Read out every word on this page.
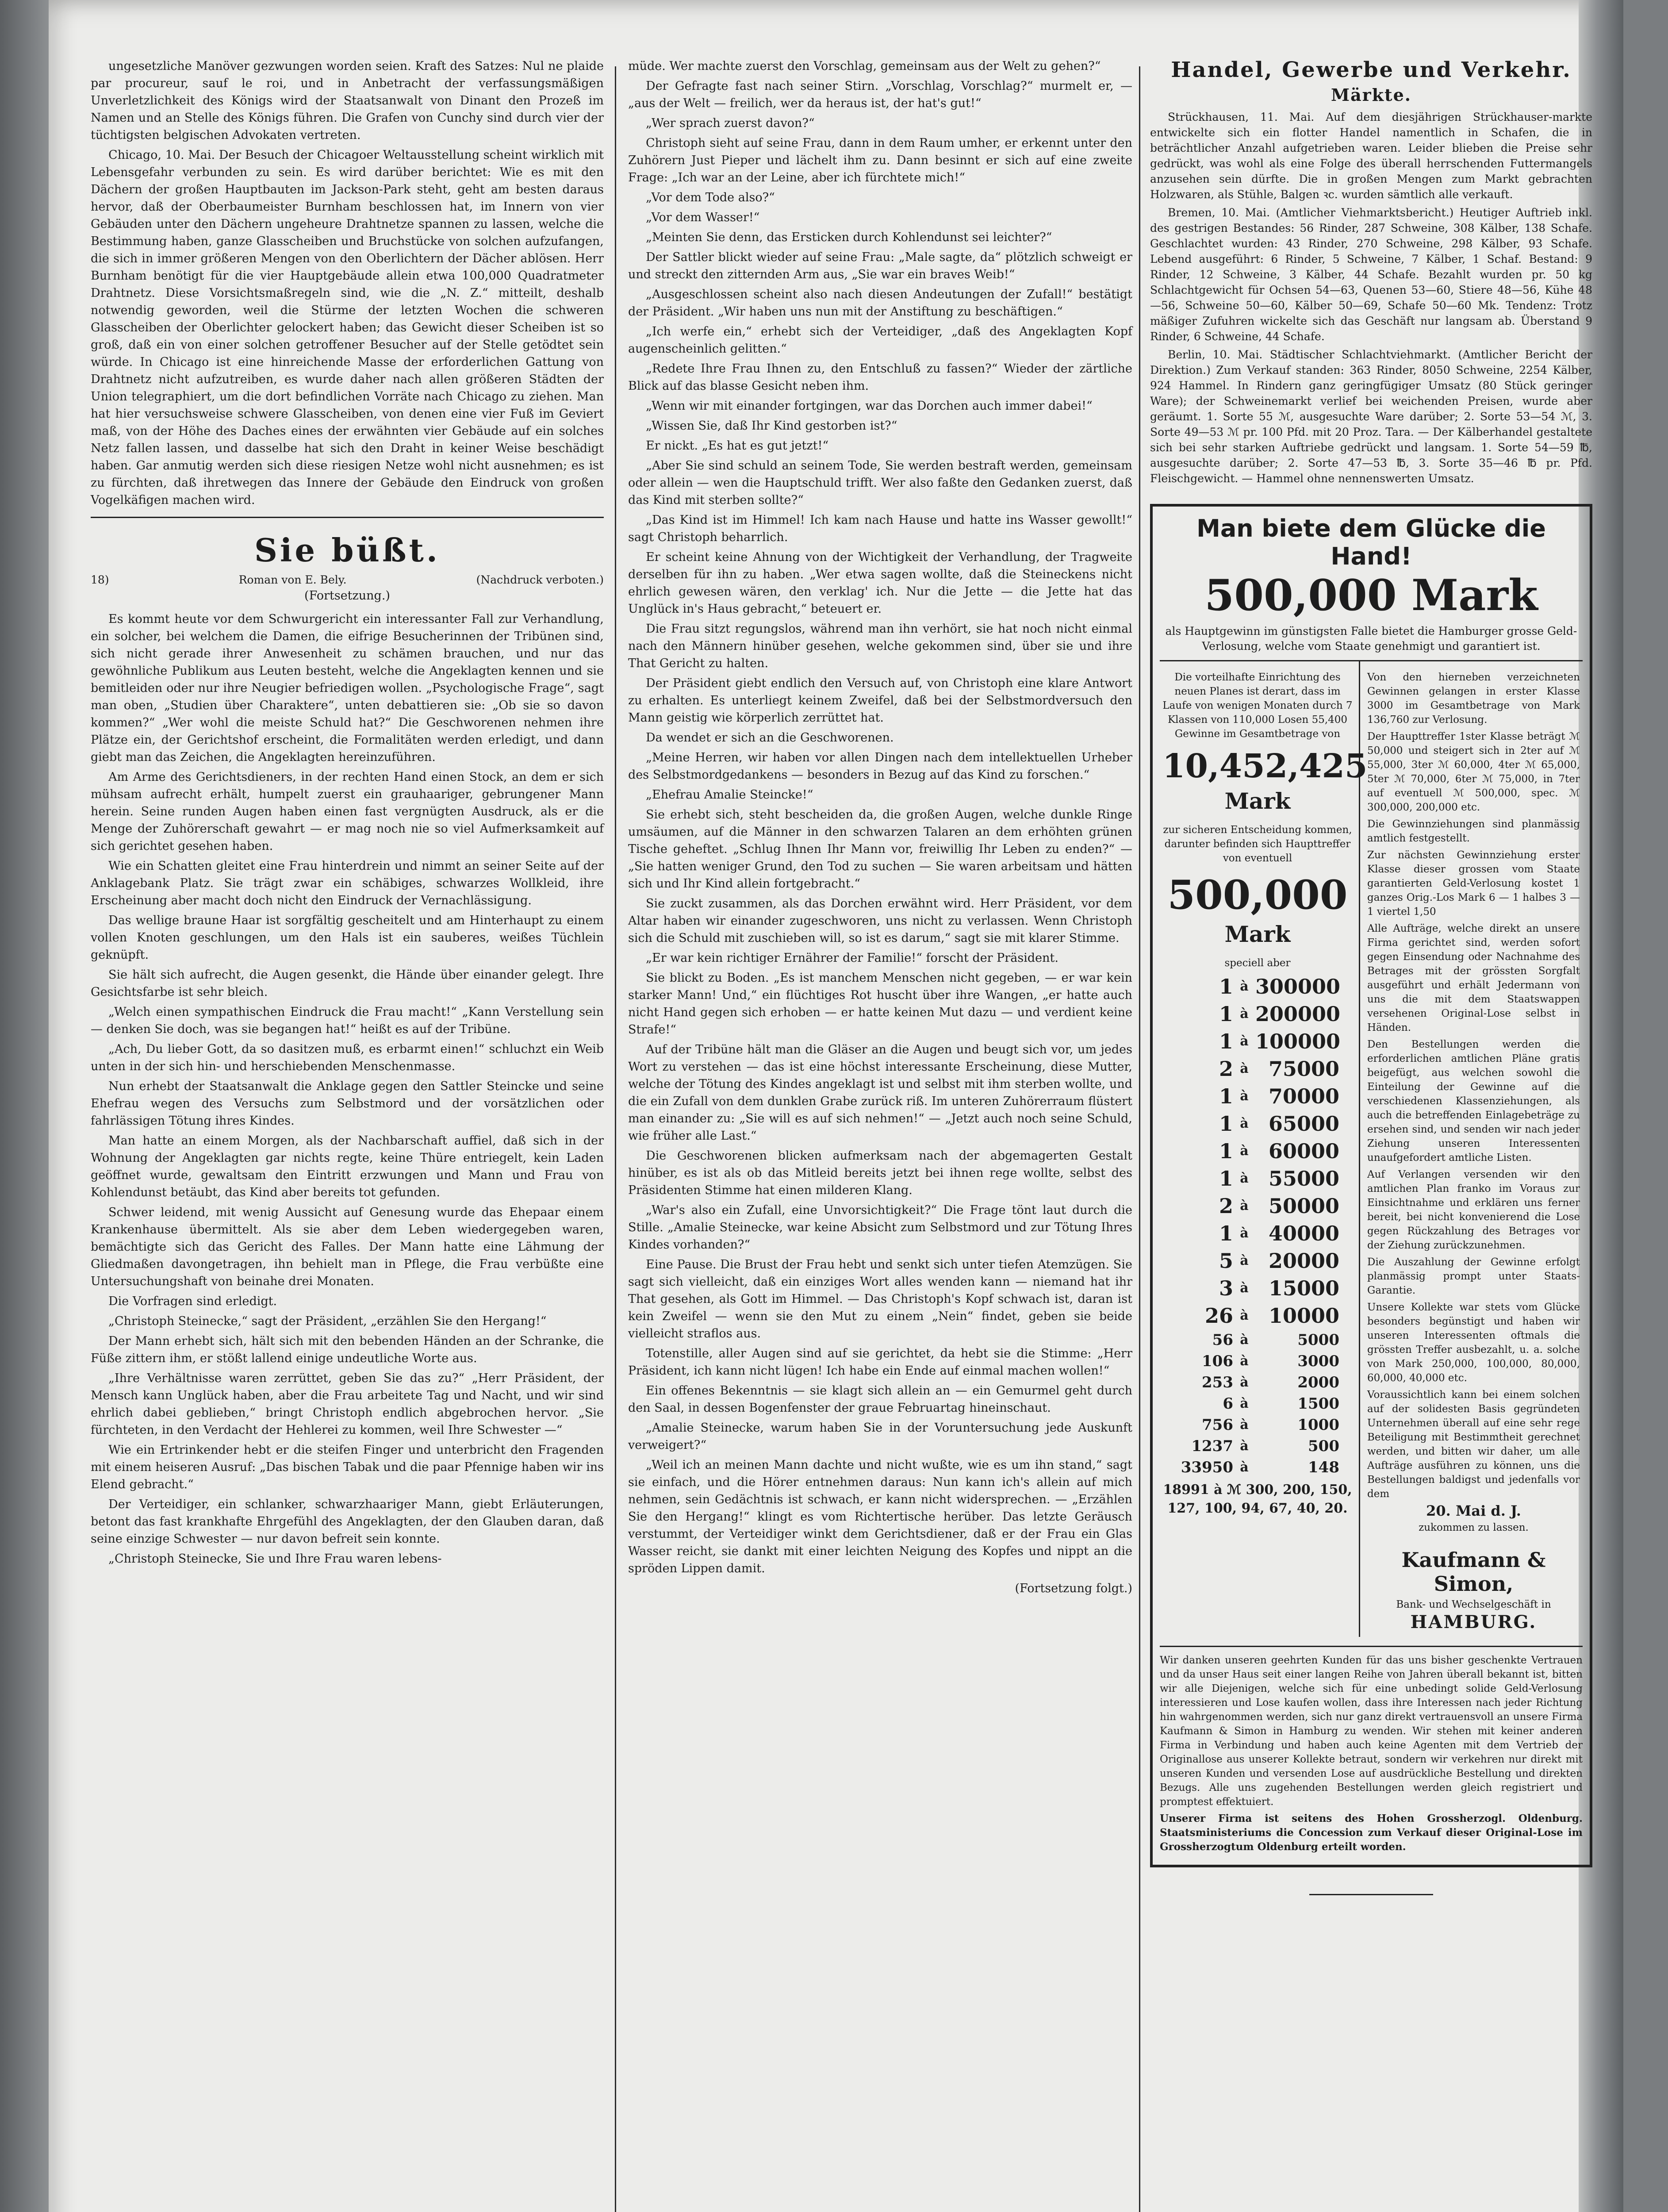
ungesetzliche Manöver gezwungen worden seien. Kraft des Satzes: Nul ne plaide par procureur, sauf le roi, und in Anbetracht der verfassungsmäßigen Unverletzlichkeit des Königs wird der Staatsanwalt von Dinant den Prozeß im Namen und an Stelle des Königs führen. Die Grafen von Cunchy sind durch vier der tüchtigsten belgischen Advokaten vertreten.

Chicago, 10. Mai. Der Besuch der Chicagoer Weltausstellung scheint wirklich mit Lebensgefahr verbunden zu sein. Es wird darüber berichtet: Wie es mit den Dächern der großen Hauptbauten im Jackson-Park steht, geht am besten daraus hervor, daß der Oberbaumeister Burnham beschlossen hat, im Innern von vier Gebäuden unter den Dächern ungeheure Drahtnetze spannen zu lassen, welche die Bestimmung haben, ganze Glasscheiben und Bruchstücke von solchen aufzufangen, die sich in immer größeren Mengen von den Oberlichtern der Dächer ablösen. Herr Burnham benötigt für die vier Hauptgebäude allein etwa 100,000 Quadratmeter Drahtnetz. Diese Vorsichtsmaßregeln sind, wie die „N. Z.“ mitteilt, deshalb notwendig geworden, weil die Stürme der letzten Wochen die schweren Glasscheiben der Oberlichter gelockert haben; das Gewicht dieser Scheiben ist so groß, daß ein von einer solchen getroffener Besucher auf der Stelle getödtet sein würde. In Chicago ist eine hinreichende Masse der erforderlichen Gattung von Drahtnetz nicht aufzutreiben, es wurde daher nach allen größeren Städten der Union telegraphiert, um die dort befindlichen Vorräte nach Chicago zu ziehen. Man hat hier versuchsweise schwere Glasscheiben, von denen eine vier Fuß im Geviert maß, von der Höhe des Daches eines der erwähnten vier Gebäude auf ein solches Netz fallen lassen, und dasselbe hat sich den Draht in keiner Weise beschädigt haben. Gar anmutig werden sich diese riesigen Netze wohl nicht ausnehmen; es ist zu fürchten, daß ihretwegen das Innere der Gebäude den Eindruck von großen Vogelkäfigen machen wird.

Sie büßt.
18)	Roman von E. Bely.	(Nachdruck verboten.)
(Fortsetzung.)

Es kommt heute vor dem Schwurgericht ein interessanter Fall zur Verhandlung, ein solcher, bei welchem die Damen, die eifrige Besucherinnen der Tribünen sind, sich nicht gerade ihrer Anwesenheit zu schämen brauchen, und nur das gewöhnliche Publikum aus Leuten besteht, welche die Angeklagten kennen und sie bemitleiden oder nur ihre Neugier befriedigen wollen. „Psychologische Frage“, sagt man oben, „Studien über Charaktere“, unten debattieren sie: „Ob sie so davon kommen?“ „Wer wohl die meiste Schuld hat?“ Die Geschworenen nehmen ihre Plätze ein, der Gerichtshof erscheint, die Formalitäten werden erledigt, und dann giebt man das Zeichen, die Angeklagten hereinzuführen.

Am Arme des Gerichtsdieners, in der rechten Hand einen Stock, an dem er sich mühsam aufrecht erhält, humpelt zuerst ein grauhaariger, gebrungener Mann herein. Seine runden Augen haben einen fast vergnügten Ausdruck, als er die Menge der Zuhörerschaft gewahrt — er mag noch nie so viel Aufmerksamkeit auf sich gerichtet gesehen haben.

Wie ein Schatten gleitet eine Frau hinterdrein und nimmt an seiner Seite auf der Anklagebank Platz. Sie trägt zwar ein schäbiges, schwarzes Wollkleid, ihre Erscheinung aber macht doch nicht den Eindruck der Vernachlässigung.

Das wellige braune Haar ist sorgfältig gescheitelt und am Hinterhaupt zu einem vollen Knoten geschlungen, um den Hals ist ein sauberes, weißes Tüchlein geknüpft.

Sie hält sich aufrecht, die Augen gesenkt, die Hände über einander gelegt. Ihre Gesichtsfarbe ist sehr bleich.

„Welch einen sympathischen Eindruck die Frau macht!“ „Kann Verstellung sein — denken Sie doch, was sie begangen hat!“ heißt es auf der Tribüne.

„Ach, Du lieber Gott, da so dasitzen muß, es erbarmt einen!“ schluchzt ein Weib unten in der sich hin- und herschiebenden Menschenmasse.

Nun erhebt der Staatsanwalt die Anklage gegen den Sattler Steincke und seine Ehefrau wegen des Versuchs zum Selbstmord und der vorsätzlichen oder fahrlässigen Tötung ihres Kindes.

Man hatte an einem Morgen, als der Nachbarschaft auffiel, daß sich in der Wohnung der Angeklagten gar nichts regte, keine Thüre entriegelt, kein Laden geöffnet wurde, gewaltsam den Eintritt erzwungen und Mann und Frau von Kohlendunst betäubt, das Kind aber bereits tot gefunden.

Schwer leidend, mit wenig Aussicht auf Genesung wurde das Ehepaar einem Krankenhause übermittelt. Als sie aber dem Leben wiedergegeben waren, bemächtigte sich das Gericht des Falles. Der Mann hatte eine Lähmung der Gliedmaßen davongetragen, ihn behielt man in Pflege, die Frau verbüßte eine Untersuchungshaft von beinahe drei Monaten.

Die Vorfragen sind erledigt.

„Christoph Steinecke,“ sagt der Präsident, „erzählen Sie den Hergang!“

Der Mann erhebt sich, hält sich mit den bebenden Händen an der Schranke, die Füße zittern ihm, er stößt lallend einige undeutliche Worte aus.

„Ihre Verhältnisse waren zerrüttet, geben Sie das zu?“ „Herr Präsident, der Mensch kann Unglück haben, aber die Frau arbeitete Tag und Nacht, und wir sind ehrlich dabei geblieben,“ bringt Christoph endlich abgebrochen hervor. „Sie fürchteten, in den Verdacht der Hehlerei zu kommen, weil Ihre Schwester —“

Wie ein Ertrinkender hebt er die steifen Finger und unterbricht den Fragenden mit einem heiseren Ausruf: „Das bischen Tabak und die paar Pfennige haben wir ins Elend gebracht.“

Der Verteidiger, ein schlanker, schwarzhaariger Mann, giebt Erläuterungen, betont das fast krankhafte Ehrgefühl des Angeklagten, der den Glauben daran, daß seine einzige Schwester — nur davon befreit sein konnte.

„Christoph Steinecke, Sie und Ihre Frau waren lebens-

müde. Wer machte zuerst den Vorschlag, gemeinsam aus der Welt zu gehen?“

Der Gefragte fast nach seiner Stirn. „Vorschlag, Vorschlag?“ murmelt er, — „aus der Welt — freilich, wer da heraus ist, der hat's gut!“

„Wer sprach zuerst davon?“

Christoph sieht auf seine Frau, dann in dem Raum umher, er erkennt unter den Zuhörern Just Pieper und lächelt ihm zu. Dann besinnt er sich auf eine zweite Frage: „Ich war an der Leine, aber ich fürchtete mich!“

„Vor dem Tode also?“

„Vor dem Wasser!“

„Meinten Sie denn, das Ersticken durch Kohlendunst sei leichter?“

Der Sattler blickt wieder auf seine Frau: „Male sagte, da“ plötzlich schweigt er und streckt den zitternden Arm aus, „Sie war ein braves Weib!“

„Ausgeschlossen scheint also nach diesen Andeutungen der Zufall!“ bestätigt der Präsident. „Wir haben uns nun mit der Anstiftung zu beschäftigen.“

„Ich werfe ein,“ erhebt sich der Verteidiger, „daß des Angeklagten Kopf augenscheinlich gelitten.“

„Redete Ihre Frau Ihnen zu, den Entschluß zu fassen?“ Wieder der zärtliche Blick auf das blasse Gesicht neben ihm.

„Wenn wir mit einander fortgingen, war das Dorchen auch immer dabei!“

„Wissen Sie, daß Ihr Kind gestorben ist?“

Er nickt. „Es hat es gut jetzt!“

„Aber Sie sind schuld an seinem Tode, Sie werden bestraft werden, gemeinsam oder allein — wen die Hauptschuld trifft. Wer also faßte den Gedanken zuerst, daß das Kind mit sterben sollte?“

„Das Kind ist im Himmel! Ich kam nach Hause und hatte ins Wasser gewollt!“ sagt Christoph beharrlich.

Er scheint keine Ahnung von der Wichtigkeit der Verhandlung, der Tragweite derselben für ihn zu haben. „Wer etwa sagen wollte, daß die Steineckens nicht ehrlich gewesen wären, den verklag' ich. Nur die Jette — die Jette hat das Unglück in's Haus gebracht,“ beteuert er.

Die Frau sitzt regungslos, während man ihn verhört, sie hat noch nicht einmal nach den Männern hinüber gesehen, welche gekommen sind, über sie und ihre That Gericht zu halten.

Der Präsident giebt endlich den Versuch auf, von Christoph eine klare Antwort zu erhalten. Es unterliegt keinem Zweifel, daß bei der Selbstmordversuch den Mann geistig wie körperlich zerrüttet hat.

Da wendet er sich an die Geschworenen.

„Meine Herren, wir haben vor allen Dingen nach dem intellektuellen Urheber des Selbstmordgedankens — besonders in Bezug auf das Kind zu forschen.“

„Ehefrau Amalie Steincke!“

Sie erhebt sich, steht bescheiden da, die großen Augen, welche dunkle Ringe umsäumen, auf die Männer in den schwarzen Talaren an dem erhöhten grünen Tische geheftet. „Schlug Ihnen Ihr Mann vor, freiwillig Ihr Leben zu enden?“ — „Sie hatten weniger Grund, den Tod zu suchen — Sie waren arbeitsam und hätten sich und Ihr Kind allein fortgebracht.“

Sie zuckt zusammen, als das Dorchen erwähnt wird. Herr Präsident, vor dem Altar haben wir einander zugeschworen, uns nicht zu verlassen. Wenn Christoph sich die Schuld mit zuschieben will, so ist es darum,“ sagt sie mit klarer Stimme.

„Er war kein richtiger Ernährer der Familie!“ forscht der Präsident.

Sie blickt zu Boden. „Es ist manchem Menschen nicht gegeben, — er war kein starker Mann! Und,“ ein flüchtiges Rot huscht über ihre Wangen, „er hatte auch nicht Hand gegen sich erhoben — er hatte keinen Mut dazu — und verdient keine Strafe!“

Auf der Tribüne hält man die Gläser an die Augen und beugt sich vor, um jedes Wort zu verstehen — das ist eine höchst interessante Erscheinung, diese Mutter, welche der Tötung des Kindes angeklagt ist und selbst mit ihm sterben wollte, und die ein Zufall von dem dunklen Grabe zurück riß. Im unteren Zuhörerraum flüstert man einander zu: „Sie will es auf sich nehmen!“ — „Jetzt auch noch seine Schuld, wie früher alle Last.“

Die Geschworenen blicken aufmerksam nach der abgemagerten Gestalt hinüber, es ist als ob das Mitleid bereits jetzt bei ihnen rege wollte, selbst des Präsidenten Stimme hat einen milderen Klang.

„War's also ein Zufall, eine Unvorsichtigkeit?“ Die Frage tönt laut durch die Stille. „Amalie Steinecke, war keine Absicht zum Selbstmord und zur Tötung Ihres Kindes vorhanden?“

Eine Pause. Die Brust der Frau hebt und senkt sich unter tiefen Atemzügen. Sie sagt sich vielleicht, daß ein einziges Wort alles wenden kann — niemand hat ihr That gesehen, als Gott im Himmel. — Das Christoph's Kopf schwach ist, daran ist kein Zweifel — wenn sie den Mut zu einem „Nein“ findet, geben sie beide vielleicht straflos aus.

Totenstille, aller Augen sind auf sie gerichtet, da hebt sie die Stimme: „Herr Präsident, ich kann nicht lügen! Ich habe ein Ende auf einmal machen wollen!“

Ein offenes Bekenntnis — sie klagt sich allein an — ein Gemurmel geht durch den Saal, in dessen Bogenfenster der graue Februartag hineinschaut.

„Amalie Steinecke, warum haben Sie in der Voruntersuchung jede Auskunft verweigert?“

„Weil ich an meinen Mann dachte und nicht wußte, wie es um ihn stand,“ sagt sie einfach, und die Hörer entnehmen daraus: Nun kann ich's allein auf mich nehmen, sein Gedächtnis ist schwach, er kann nicht widersprechen. — „Erzählen Sie den Hergang!“ klingt es vom Richtertische herüber. Das letzte Geräusch verstummt, der Verteidiger winkt dem Gerichtsdiener, daß er der Frau ein Glas Wasser reicht, sie dankt mit einer leichten Neigung des Kopfes und nippt an die spröden Lippen damit.

(Fortsetzung folgt.)

Handel, Gewerbe und Verkehr.
Märkte.

Strückhausen, 11. Mai. Auf dem diesjährigen Strückhauser-markte entwickelte sich ein flotter Handel namentlich in Schafen, die in beträchtlicher Anzahl aufgetrieben waren. Leider blieben die Preise sehr gedrückt, was wohl als eine Folge des überall herrschenden Futtermangels anzusehen sein dürfte. Die in großen Mengen zum Markt gebrachten Holzwaren, als Stühle, Balgen ꝛc. wurden sämtlich alle verkauft.

Bremen, 10. Mai. (Amtlicher Viehmarktsbericht.) Heutiger Auftrieb inkl. des gestrigen Bestandes: 56 Rinder, 287 Schweine, 308 Kälber, 138 Schafe. Geschlachtet wurden: 43 Rinder, 270 Schweine, 298 Kälber, 93 Schafe. Lebend ausgeführt: 6 Rinder, 5 Schweine, 7 Kälber, 1 Schaf. Bestand: 9 Rinder, 12 Schweine, 3 Kälber, 44 Schafe. Bezahlt wurden pr. 50 kg Schlachtgewicht für Ochsen 54—63, Quenen 53—60, Stiere 48—56, Kühe 48—56, Schweine 50—60, Kälber 50—69, Schafe 50—60 Mk. Tendenz: Trotz mäßiger Zufuhren wickelte sich das Geschäft nur langsam ab. Überstand 9 Rinder, 6 Schweine, 44 Schafe.

Berlin, 10. Mai. Städtischer Schlachtviehmarkt. (Amtlicher Bericht der Direktion.) Zum Verkauf standen: 363 Rinder, 8050 Schweine, 2254 Kälber, 924 Hammel. In Rindern ganz geringfügiger Umsatz (80 Stück geringer Ware); der Schweinemarkt verlief bei weichenden Preisen, wurde aber geräumt. 1. Sorte 55 ℳ, ausgesuchte Ware darüber; 2. Sorte 53—54 ℳ, 3. Sorte 49—53 ℳ pr. 100 Pfd. mit 20 Proz. Tara. — Der Kälberhandel gestaltete sich bei sehr starken Auftriebe gedrückt und langsam. 1. Sorte 54—59 ℔, ausgesuchte darüber; 2. Sorte 47—53 ℔, 3. Sorte 35—46 ℔ pr. Pfd. Fleischgewicht. — Hammel ohne nennenswerten Umsatz.

Man biete dem Glücke die Hand!
500,000 Mark
als Hauptgewinn im günstigsten Falle bietet die Hamburger grosse Geld-Verlosung, welche vom Staate genehmigt und garantiert ist.

Die vorteilhafte Einrichtung des neuen Planes ist derart, dass im Laufe von wenigen Monaten durch 7 Klassen von 110,000 Losen 55,400 Gewinne im Gesamtbetrage von

10,452,425
Mark

zur sicheren Entscheidung kommen, darunter befinden sich Haupttreffer von eventuell

500,000
Mark

speciell aber

1 à 300000
1 à 200000
1 à 100000
2 à 75000
1 à 70000
1 à 65000
1 à 60000
1 à 55000
2 à 50000
1 à 40000
5 à 20000
3 à 15000
26 à 10000
56 à	5000
106 à	3000
253 à	2000
6 à	1500
756 à	1000
1237 à	500
33950 à	148

18991 à ℳ 300, 200, 150, 127, 100, 94, 67, 40, 20.

Von den hierneben verzeichneten Gewinnen gelangen in erster Klasse 3000 im Gesamtbetrage von Mark 136,760 zur Verlosung.

Der Haupttreffer 1ster Klasse beträgt ℳ 50,000 und steigert sich in 2ter auf ℳ 55,000, 3ter ℳ 60,000, 4ter ℳ 65,000, 5ter ℳ 70,000, 6ter ℳ 75,000, in 7ter auf eventuell ℳ 500,000, spec. ℳ 300,000, 200,000 etc.

Die Gewinnziehungen sind planmässig amtlich festgestellt.

Zur nächsten Gewinnziehung erster Klasse dieser grossen vom Staate garantierten Geld-Verlosung kostet 1 ganzes Orig.-Los Mark 6 — 1 halbes 3 — 1 viertel 1,50

Alle Aufträge, welche direkt an unsere Firma gerichtet sind, werden sofort gegen Einsendung oder Nachnahme des Betrages mit der grössten Sorgfalt ausgeführt und erhält Jedermann von uns die mit dem Staatswappen versehenen Original-Lose selbst in Händen.

Den Bestellungen werden die erforderlichen amtlichen Pläne gratis beigefügt, aus welchen sowohl die Einteilung der Gewinne auf die verschiedenen Klassenziehungen, als auch die betreffenden Einlagebeträge zu ersehen sind, und senden wir nach jeder Ziehung unseren Interessenten unaufgefordert amtliche Listen.

Auf Verlangen versenden wir den amtlichen Plan franko im Voraus zur Einsichtnahme und erklären uns ferner bereit, bei nicht konvenierend die Lose gegen Rückzahlung des Betrages vor der Ziehung zurückzunehmen.

Die Auszahlung der Gewinne erfolgt planmässig prompt unter Staats-Garantie.

Unsere Kollekte war stets vom Glücke besonders begünstigt und haben wir unseren Interessenten oftmals die grössten Treffer ausbezahlt, u. a. solche von Mark 250,000, 100,000, 80,000, 60,000, 40,000 etc.

Voraussichtlich kann bei einem solchen auf der solidesten Basis gegründeten Unternehmen überall auf eine sehr rege Beteiligung mit Bestimmtheit gerechnet werden, und bitten wir daher, um alle Aufträge ausführen zu können, uns die Bestellungen baldigst und jedenfalls vor dem

20. Mai d. J.

zukommen zu lassen.

Kaufmann & Simon,

Bank- und Wechselgeschäft in

HAMBURG.

Wir danken unseren geehrten Kunden für das uns bisher geschenkte Vertrauen und da unser Haus seit einer langen Reihe von Jahren überall bekannt ist, bitten wir alle Diejenigen, welche sich für eine unbedingt solide Geld-Verlosung interessieren und Lose kaufen wollen, dass ihre Interessen nach jeder Richtung hin wahrgenommen werden, sich nur ganz direkt vertrauensvoll an unsere Firma Kaufmann & Simon in Hamburg zu wenden. Wir stehen mit keiner anderen Firma in Verbindung und haben auch keine Agenten mit dem Vertrieb der Originallose aus unserer Kollekte betraut, sondern wir verkehren nur direkt mit unseren Kunden und versenden Lose auf ausdrückliche Bestellung und direkten Bezugs. Alle uns zugehenden Bestellungen werden gleich registriert und promptest effektuiert.

Unserer Firma ist seitens des Hohen Grossherzogl. Oldenburg. Staatsministeriums die Concession zum Verkauf dieser Original-Lose im Grossherzogtum Oldenburg erteilt worden.
